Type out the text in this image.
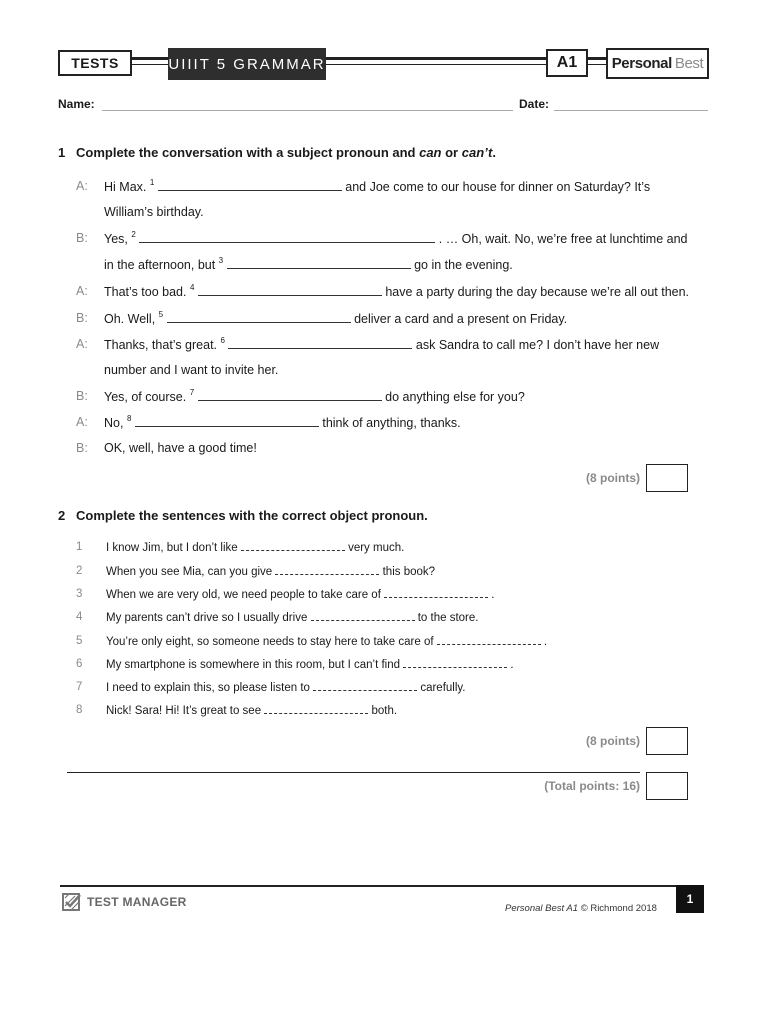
TESTS	UIIIT 5 GRAMMAR	A1	Personal Best
Name:	Date:
1 Complete the conversation with a subject pronoun and can or can’t.
A: Hi Max. $^1$	and Joe come to our house for dinner on Saturday? It’s
William’s birthday.
B: Yes, $^2$	. … Oh, wait. No, we’re free at lunchtime and
in the afternoon, but $^3$	go in the evening.
A: That’s too bad. $^4$	have a party during the day because we’re all out then.
B: Oh. Well, $^5$	deliver a card and a present on Friday.
A: Thanks, that’s great. $^6$	ask Sandra to call me? I don’t have her new
number and I want to invite her.
B: Yes, of course. $^7$	do anything else for you?
A: No, $^8$	think of anything, thanks.
B: OK, well, have a good time!
(8 points)
2 Complete the sentences with the correct object pronoun.
1 I know Jim, but I don’t like	very much.
2 When you see Mia, can you give	this book?
3 When we are very old, we need people to take care of	.
4 My parents can’t drive so I usually drive	to the store.
5 You’re only eight, so someone needs to stay here to take care of	.
6 My smartphone is somewhere in this room, but I can’t find	.
7 I need to explain this, so please listen to	carefully.
8 Nick! Sara! Hi! It’s great to see	both.
(8 points)
(Total points: 16)
TEST MANAGER	Personal Best A1 © Richmond 2018
1
